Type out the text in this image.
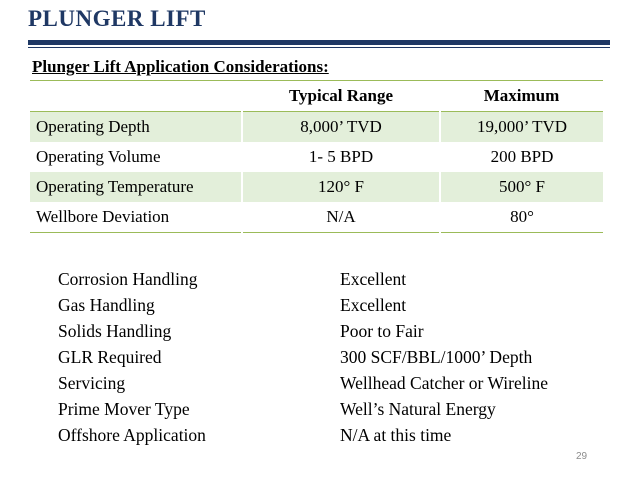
PLUNGER LIFT
Plunger Lift Application Considerations:
	Typical Range	Maximum
Operating Depth	8,000’ TVD	19,000’ TVD
Operating Volume	1- 5 BPD	200 BPD
Operating Temperature	120° F	500° F
Wellbore Deviation	N/A	80°
Corrosion Handling	Excellent
Gas Handling	Excellent
Solids Handling	Poor to Fair
GLR Required	300 SCF/BBL/1000’ Depth
Servicing	Wellhead Catcher or Wireline
Prime Mover Type	Well’s Natural Energy
Offshore Application	N/A at this time
29
